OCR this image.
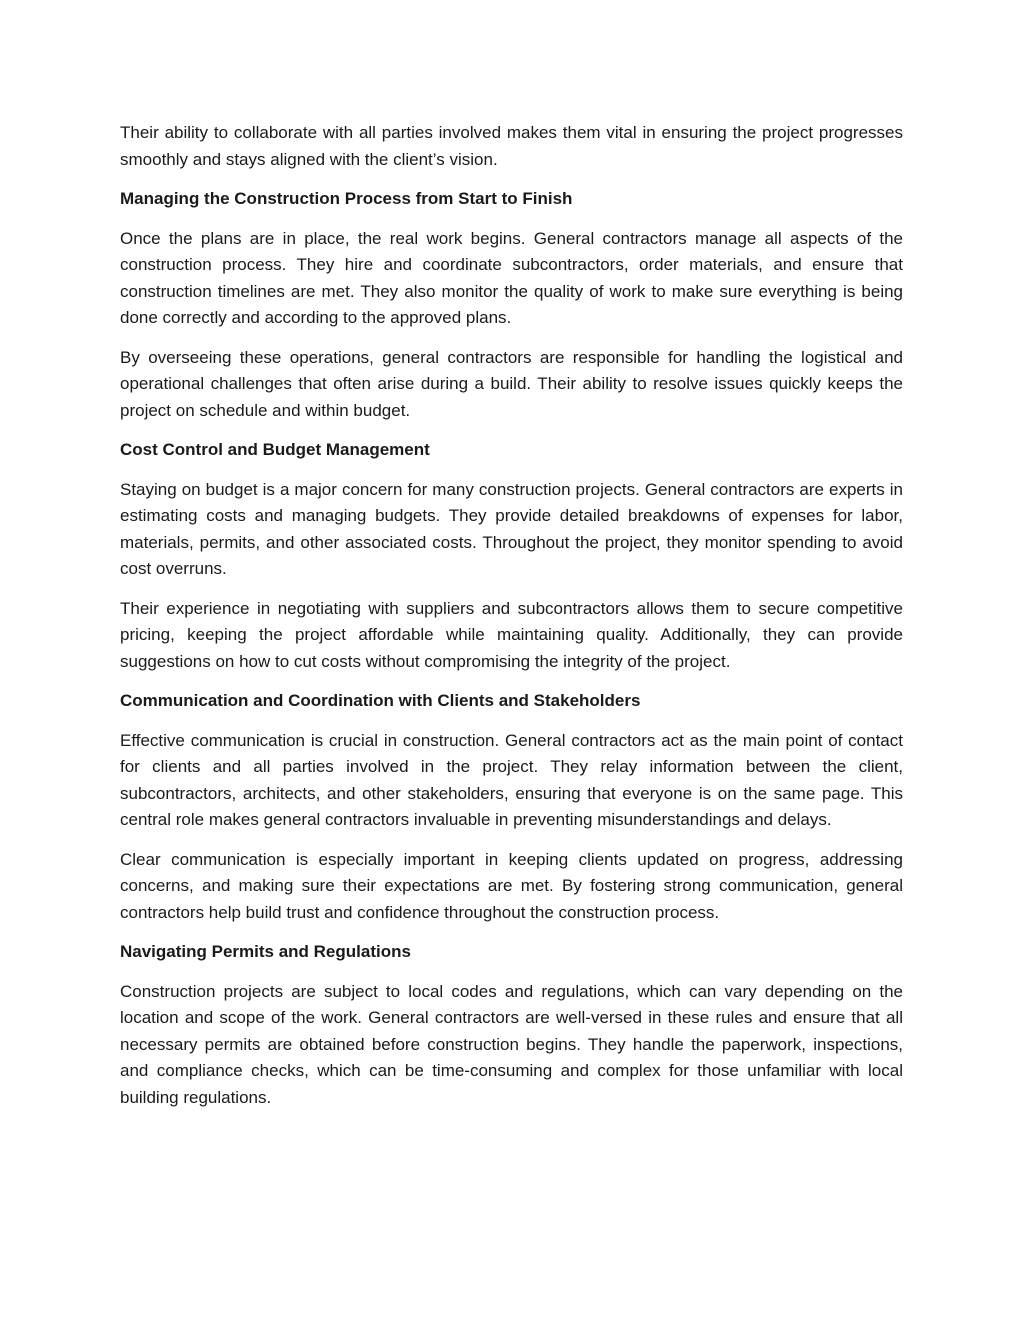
Their ability to collaborate with all parties involved makes them vital in ensuring the project progresses smoothly and stays aligned with the client’s vision.

Managing the Construction Process from Start to Finish

Once the plans are in place, the real work begins. General contractors manage all aspects of the construction process. They hire and coordinate subcontractors, order materials, and ensure that construction timelines are met. They also monitor the quality of work to make sure everything is being done correctly and according to the approved plans.

By overseeing these operations, general contractors are responsible for handling the logistical and operational challenges that often arise during a build. Their ability to resolve issues quickly keeps the project on schedule and within budget.

Cost Control and Budget Management

Staying on budget is a major concern for many construction projects. General contractors are experts in estimating costs and managing budgets. They provide detailed breakdowns of expenses for labor, materials, permits, and other associated costs. Throughout the project, they monitor spending to avoid cost overruns.

Their experience in negotiating with suppliers and subcontractors allows them to secure competitive pricing, keeping the project affordable while maintaining quality. Additionally, they can provide suggestions on how to cut costs without compromising the integrity of the project.

Communication and Coordination with Clients and Stakeholders

Effective communication is crucial in construction. General contractors act as the main point of contact for clients and all parties involved in the project. They relay information between the client, subcontractors, architects, and other stakeholders, ensuring that everyone is on the same page. This central role makes general contractors invaluable in preventing misunderstandings and delays.

Clear communication is especially important in keeping clients updated on progress, addressing concerns, and making sure their expectations are met. By fostering strong communication, general contractors help build trust and confidence throughout the construction process.

Navigating Permits and Regulations

Construction projects are subject to local codes and regulations, which can vary depending on the location and scope of the work. General contractors are well-versed in these rules and ensure that all necessary permits are obtained before construction begins. They handle the paperwork, inspections, and compliance checks, which can be time-consuming and complex for those unfamiliar with local building regulations.
